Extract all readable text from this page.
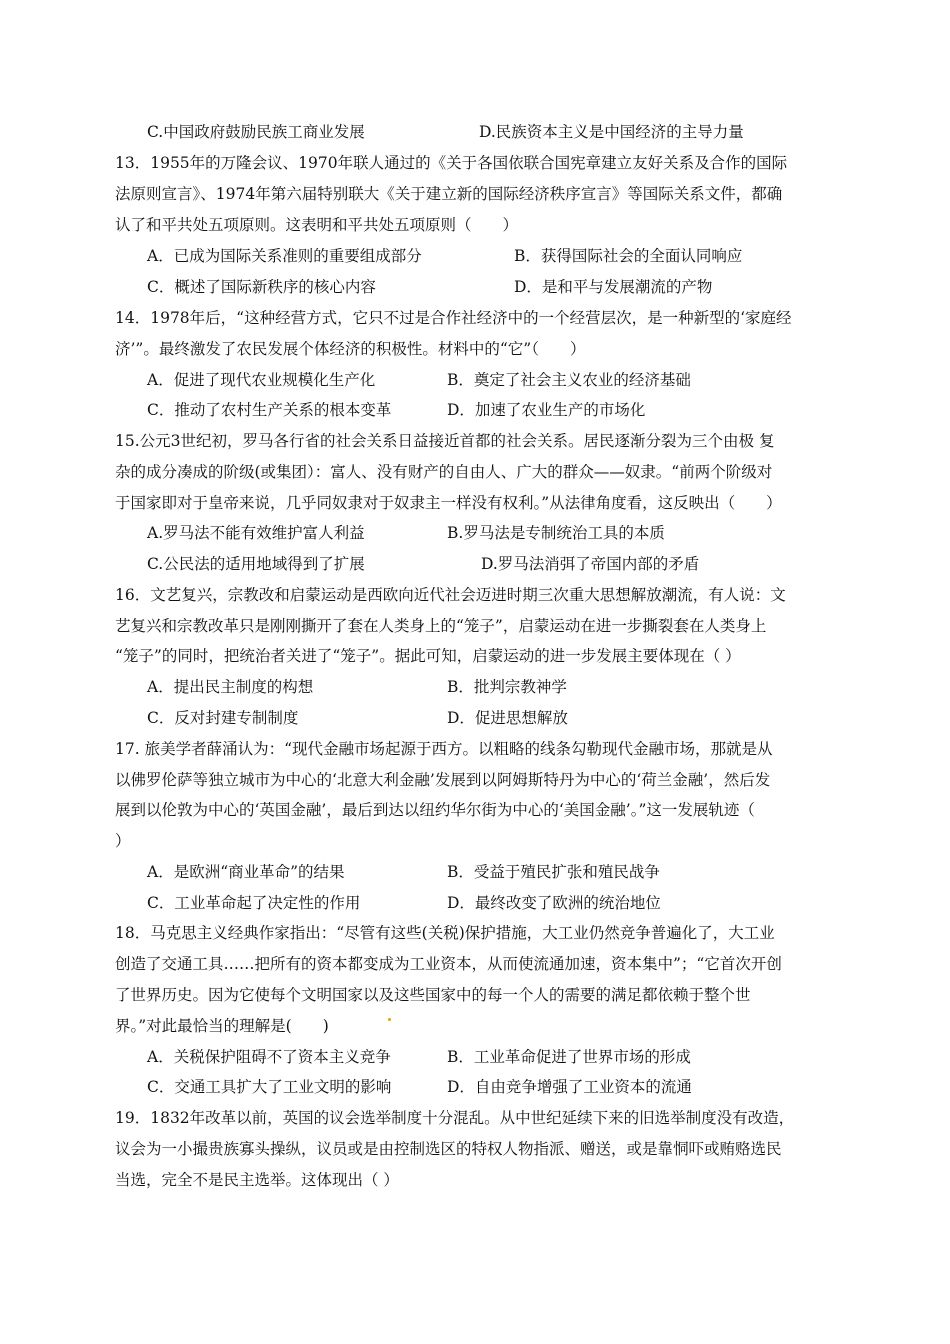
C.中国政府鼓励民族工商业发展	D.民族资本主义是中国经济的主导力量
13．1955年的万隆会议、1970年联人通过的《关于各国依联合国宪章建立友好关系及合作的国际
法原则宣言》、1974年第六届特别联大《关于建立新的国际经济秩序宣言》等国际关系文件，都确
认了和平共处五项原则。这表明和平共处五项原则（　　）
A．已成为国际关系准则的重要组成部分	B．获得国际社会的全面认同响应
C．概述了国际新秩序的核心内容	D．是和平与发展潮流的产物
14．1978年后，“这种经营方式，它只不过是合作社经济中的一个经营层次，是一种新型的‘家庭经
济’”。最终激发了农民发展个体经济的积极性。材料中的“它”（　　）
A．促进了现代农业规模化生产化	B．奠定了社会主义农业的经济基础
C．推动了农村生产关系的根本变革	D．加速了农业生产的市场化
15.公元3世纪初，罗马各行省的社会关系日益接近首都的社会关系。居民逐渐分裂为三个由极 复
杂的成分凑成的阶级(或集团）：富人、没有财产的自由人、广大的群众——奴隶。“前两个阶级对
于国家即对于皇帝来说，几乎同奴隶对于奴隶主一样没有权利。”从法律角度看，这反映出（　　）
A.罗马法不能有效维护富人利益	B.罗马法是专制统治工具的本质
C.公民法的适用地域得到了扩展	D.罗马法消弭了帝国内部的矛盾
16．文艺复兴，宗教改和启蒙运动是西欧向近代社会迈进时期三次重大思想解放潮流，有人说：文
艺复兴和宗教改革只是刚刚撕开了套在人类身上的“笼子”，启蒙运动在进一步撕裂套在人类身上
“笼子”的同时，把统治者关进了“笼子”。据此可知，启蒙运动的进一步发展主要体现在（ ）
A．提出民主制度的构想	B．批判宗教神学
C．反对封建专制制度	D．促进思想解放
17. 旅美学者薛涌认为：“现代金融市场起源于西方。以粗略的线条勾勒现代金融市场，那就是从
以佛罗伦萨等独立城市为中心的‘北意大利金融’发展到以阿姆斯特丹为中心的‘荷兰金融’，然后发
展到以伦敦为中心的‘英国金融’，最后到达以纽约华尔街为中心的‘美国金融’。”这一发展轨迹（
）
A．是欧洲“商业革命”的结果	B．受益于殖民扩张和殖民战争
C．工业革命起了决定性的作用	D．最终改变了欧洲的统治地位
18．马克思主义经典作家指出：“尽管有这些(关税)保护措施，大工业仍然竞争普遍化了，大工业
创造了交通工具……把所有的资本都变成为工业资本，从而使流通加速，资本集中”；“它首次开创
了世界历史。因为它使每个文明国家以及这些国家中的每一个人的需要的满足都依赖于整个世
界。”对此最恰当的理解是(　　)
A．关税保护阻碍不了资本主义竞争	B．工业革命促进了世界市场的形成
C．交通工具扩大了工业文明的影响	D．自由竞争增强了工业资本的流通
19．1832年改革以前，英国的议会选举制度十分混乱。从中世纪延续下来的旧选举制度没有改造，
议会为一小撮贵族寡头操纵，议员或是由控制选区的特权人物指派、赠送，或是靠恫吓或贿赂选民
当选，完全不是民主选举。这体现出（ ）
